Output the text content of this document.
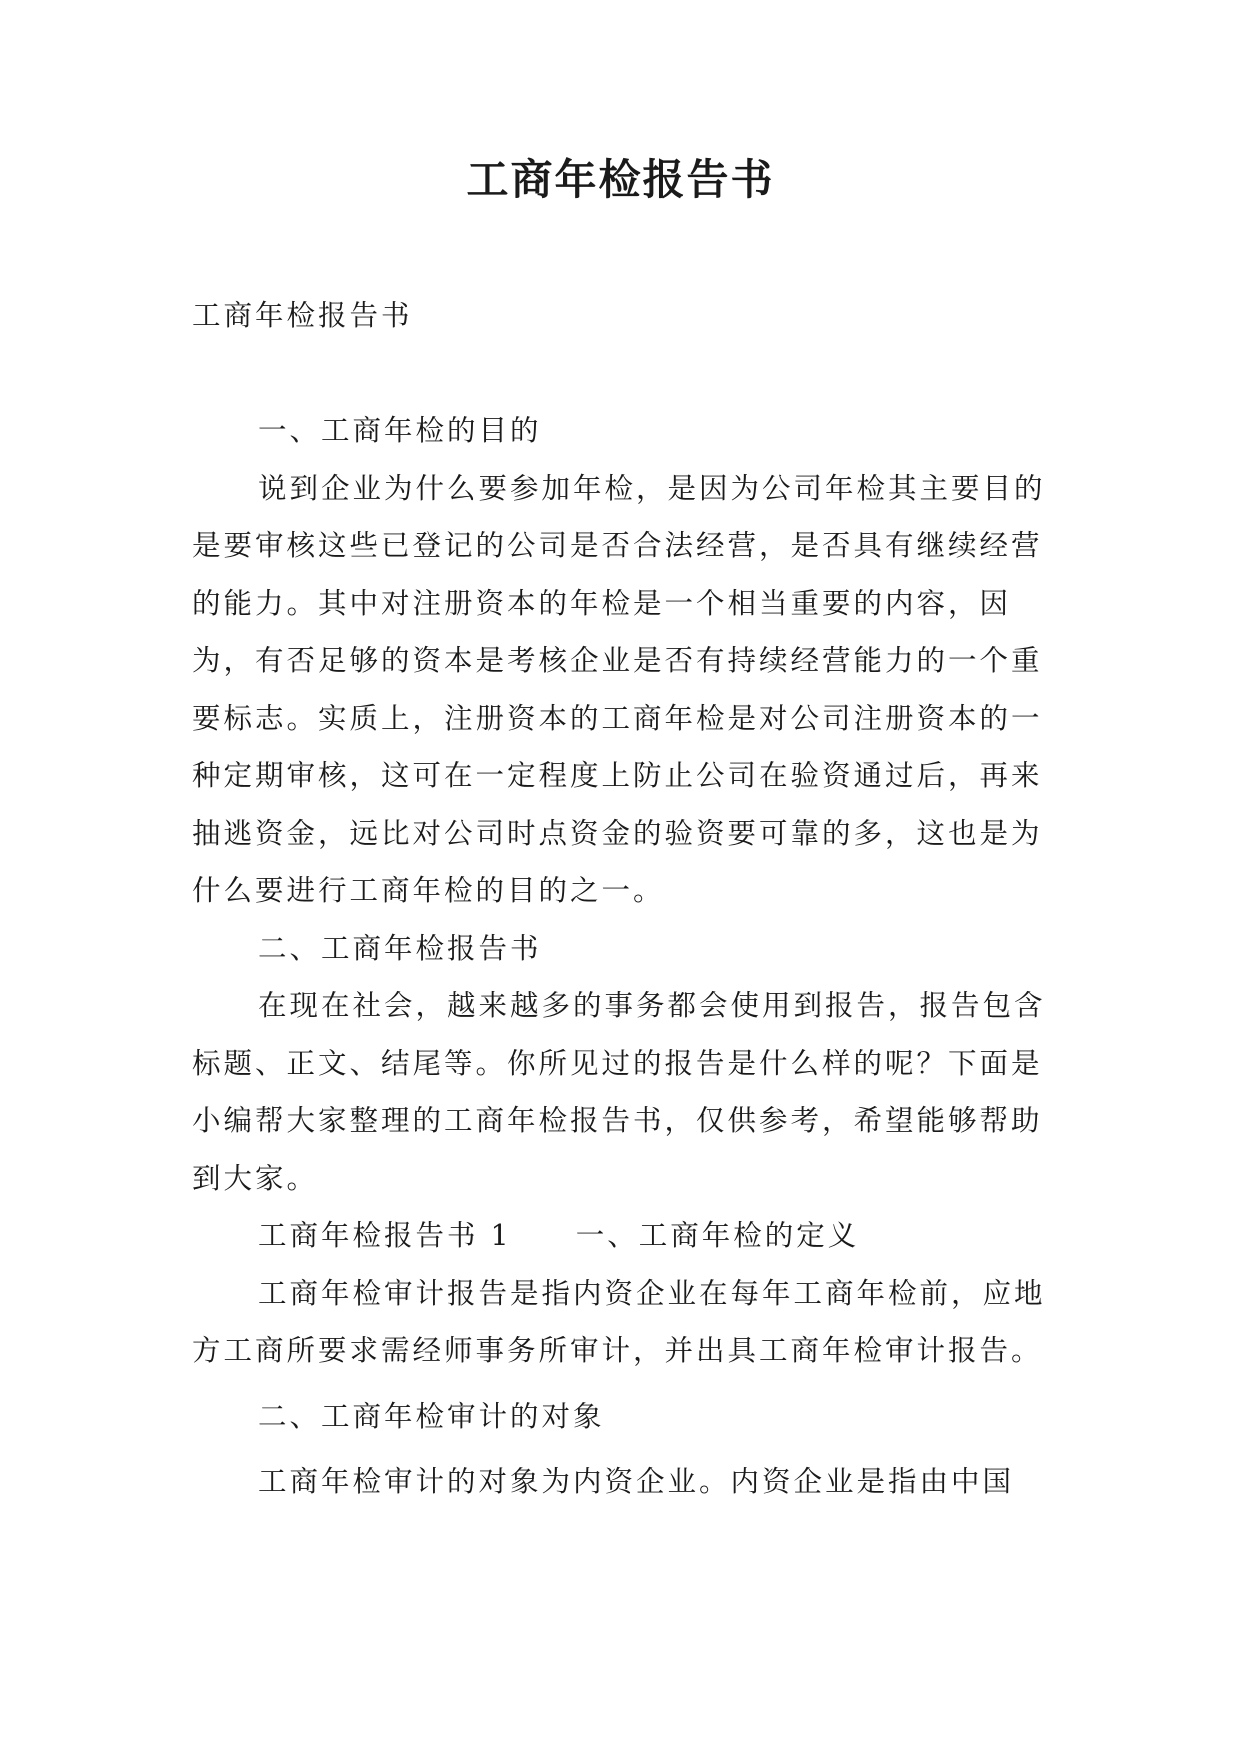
工商年检报告书

工商年检报告书

一、工商年检的目的

说到企业为什么要参加年检，是因为公司年检其主要目的是要审核这些已登记的公司是否合法经营，是否具有继续经营的能力。其中对注册资本的年检是一个相当重要的内容，因为，有否足够的资本是考核企业是否有持续经营能力的一个重要标志。实质上，注册资本的工商年检是对公司注册资本的一种定期审核，这可在一定程度上防止公司在验资通过后，再来抽逃资金，远比对公司时点资金的验资要可靠的多，这也是为什么要进行工商年检的目的之一。

二、工商年检报告书

在现在社会，越来越多的事务都会使用到报告，报告包含标题、正文、结尾等。你所见过的报告是什么样的呢？下面是小编帮大家整理的工商年检报告书，仅供参考，希望能够帮助到大家。

工商年检报告书 1 一、工商年检的定义

工商年检审计报告是指内资企业在每年工商年检前，应地方工商所要求需经师事务所审计，并出具工商年检审计报告。

二、工商年检审计的对象

工商年检审计的对象为内资企业。内资企业是指由中国
